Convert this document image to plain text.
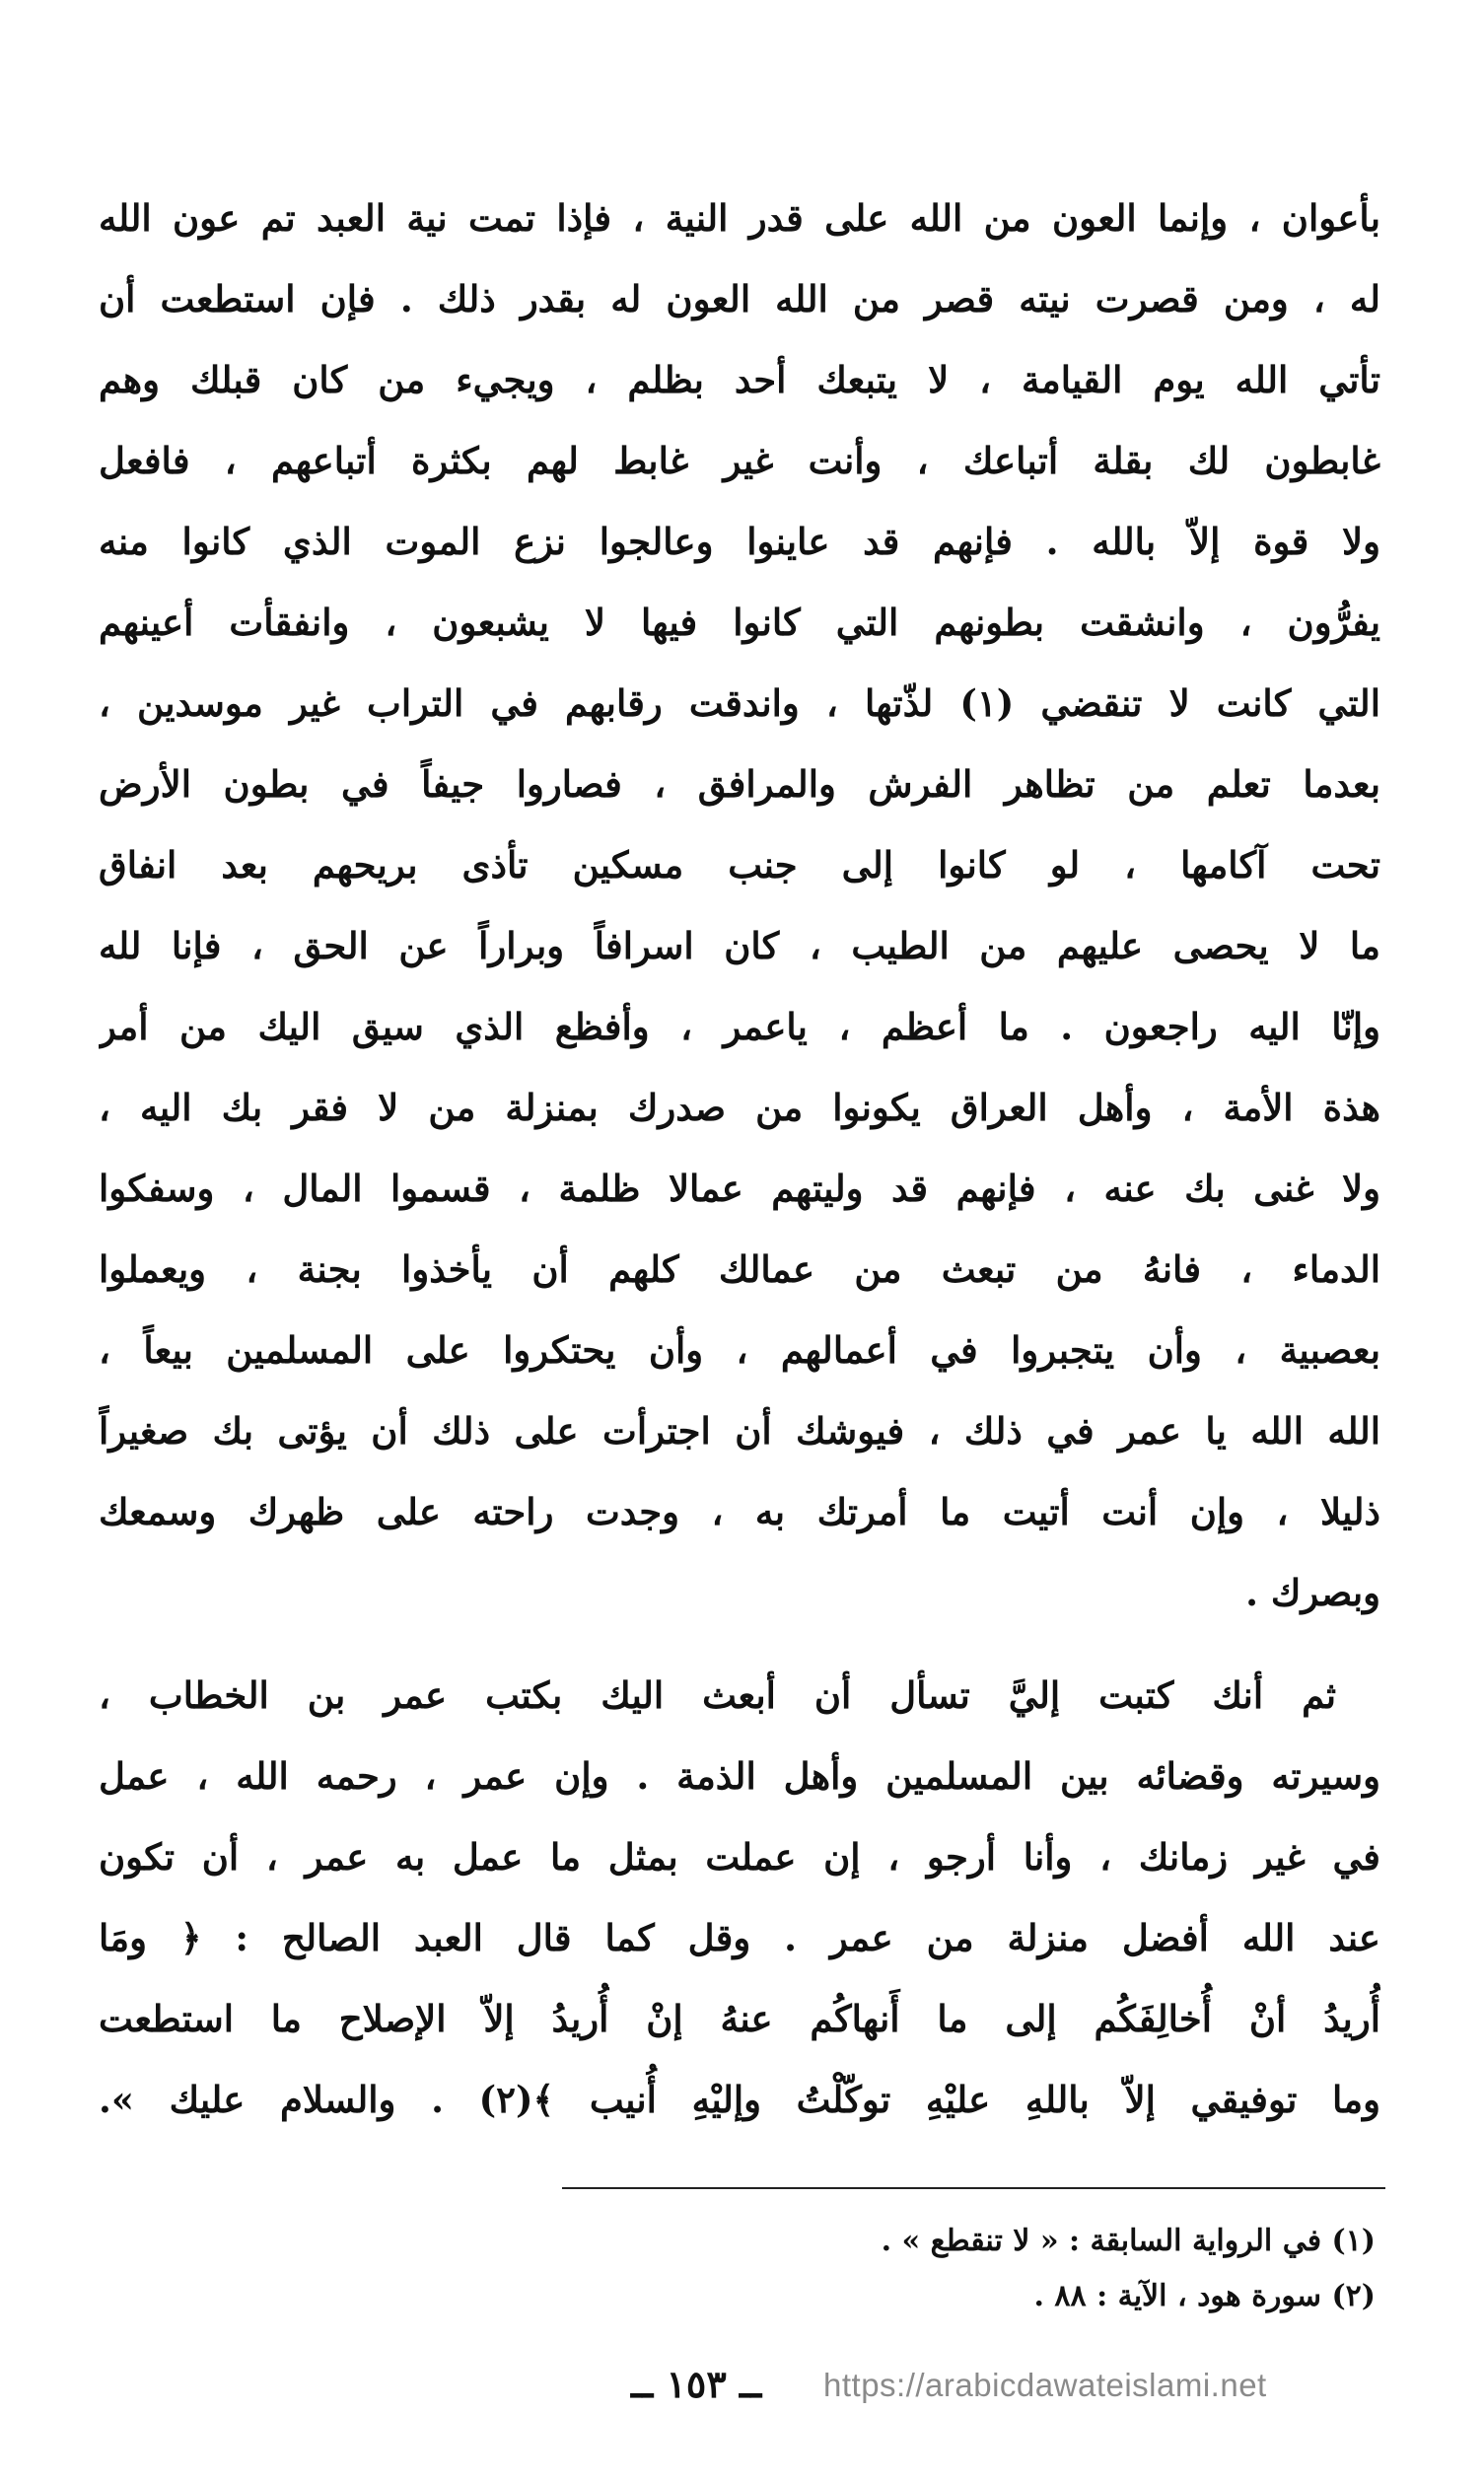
بأعوان ، وإنما العون من الله على قدر النية ، فإذا تمت نية العبد تم عون الله
له ، ومن قصرت نيته قصر من الله العون له بقدر ذلك . فإن استطعت أن
تأتي الله يوم القيامة ، لا يتبعك أحد بظلم ، ويجيء من كان قبلك وهم
غابطون لك بقلة أتباعك ، وأنت غير غابط لهم بكثرة أتباعهم ، فافعل
ولا قوة إلاّ بالله . فإنهم قد عاينوا وعالجوا نزع الموت الذي كانوا منه
يفرُّون ، وانشقت بطونهم التي كانوا فيها لا يشبعون ، وانفقأت أعينهم
التي كانت لا تنقضي (١) لذّتها ، واندقت رقابهم في التراب غير موسدين ،
بعدما تعلم من تظاهر الفرش والمرافق ، فصاروا جيفاً في بطون الأرض
تحت آكامها ، لو كانوا إلى جنب مسكين تأذى بريحهم بعد انفاق
ما لا يحصى عليهم من الطيب ، كان اسرافاً وبراراً عن الحق ، فإنا لله
وإنّا اليه راجعون . ما أعظم ، ياعمر ، وأفظع الذي سيق اليك من أمر
هذة الأمة ، وأهل العراق يكونوا من صدرك بمنزلة من لا فقر بك اليه ،
ولا غنى بك عنه ، فإنهم قد وليتهم عمالا ظلمة ، قسموا المال ، وسفكوا
الدماء ، فانهُ من تبعث من عمالك كلهم أن يأخذوا بجنة ، ويعملوا
بعصبية ، وأن يتجبروا في أعمالهم ، وأن يحتكروا على المسلمين بيعاً ،
الله الله يا عمر في ذلك ، فيوشك أن اجترأت على ذلك أن يؤتى بك صغيراً
ذليلا ، وإن أنت أتيت ما أمرتك به ، وجدت راحته على ظهرك وسمعك
وبصرك .
ثم أنك كتبت إليَّ تسأل أن أبعث اليك بكتب عمر بن الخطاب ،
وسيرته وقضائه بين المسلمين وأهل الذمة . وإن عمر ، رحمه الله ، عمل
في غير زمانك ، وأنا أرجو ، إن عملت بمثل ما عمل به عمر ، أن تكون
عند الله أفضل منزلة من عمر . وقل كما قال العبد الصالح : ﴿ ومَا
أُريدُ أنْ أُخالِفَكُم إلى ما أَنهاكُم عنهُ إنْ أُريدُ إلاّ الإصلاح ما استطعت
وما توفيقي إلاّ باللهِ عليْهِ توكّلْتُ وإليْهِ أُنيب ﴾(٢) . والسلام عليك ».
(١) في الرواية السابقة : « لا تنقطع » .
(٢) سورة هود ، الآية : ٨٨ .
ــ ١٥٣ ــ https://arabicdawateislami.net
